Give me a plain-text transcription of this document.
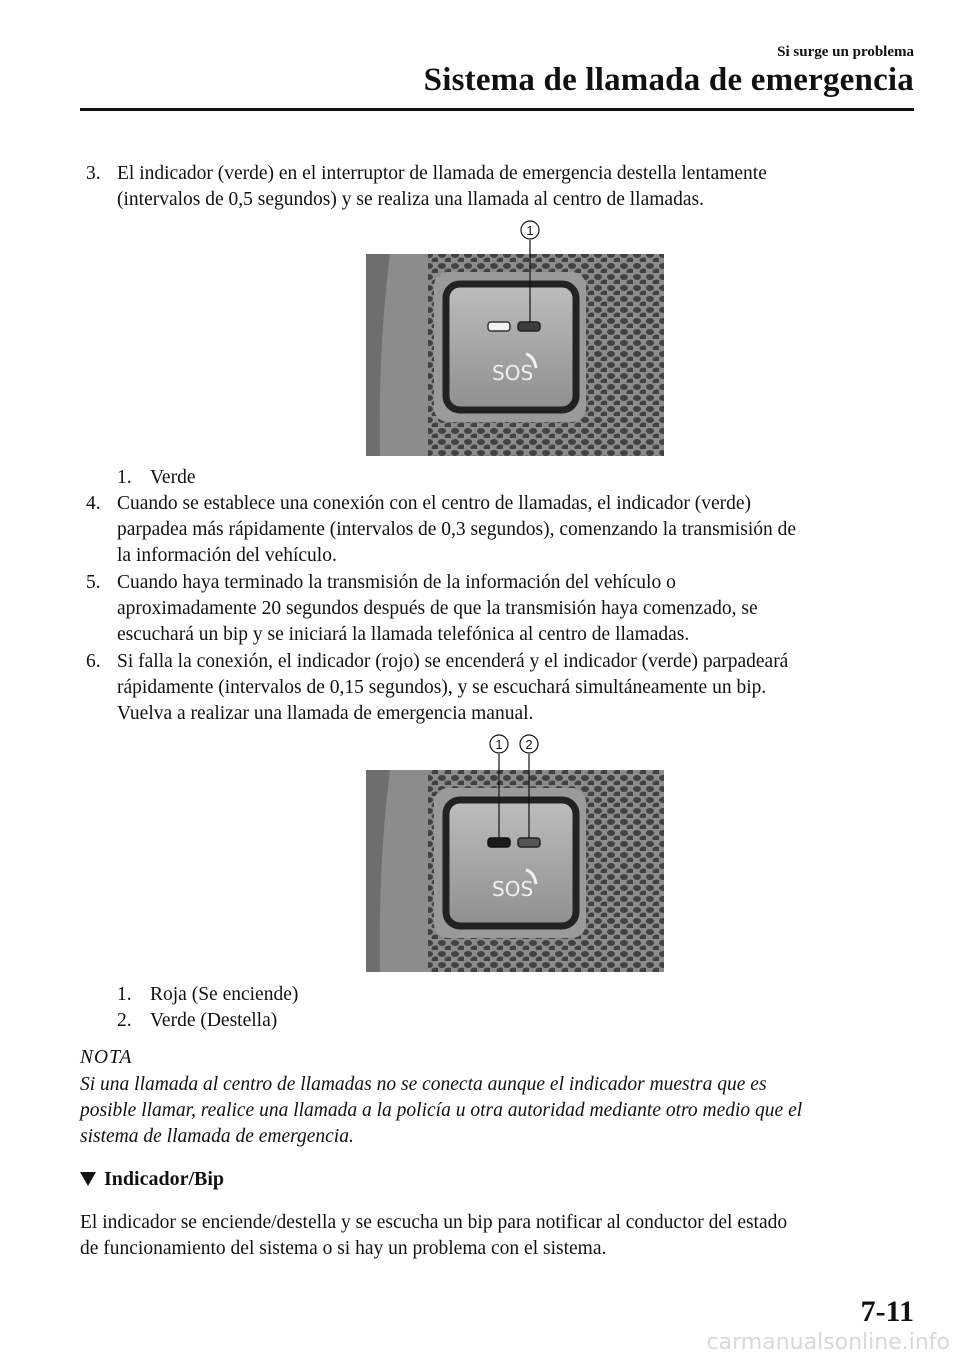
Si surge un problema
Sistema de llamada de emergencia
3. El indicador (verde) en el interruptor de llamada de emergencia destella lentamente
(intervalos de 0,5 segundos) y se realiza una llamada al centro de llamadas.
SOS
1
1. Verde
4. Cuando se establece una conexión con el centro de llamadas, el indicador (verde)
parpadea más rápidamente (intervalos de 0,3 segundos), comenzando la transmisión de
la información del vehículo.
5. Cuando haya terminado la transmisión de la información del vehículo o
aproximadamente 20 segundos después de que la transmisión haya comenzado, se
escuchará un bip y se iniciará la llamada telefónica al centro de llamadas.
6. Si falla la conexión, el indicador (rojo) se encenderá y el indicador (verde) parpadeará
rápidamente (intervalos de 0,15 segundos), y se escuchará simultáneamente un bip.
Vuelva a realizar una llamada de emergencia manual.
SOS
1 2
1. Roja (Se enciende)
2. Verde (Destella)
NOTA
Si una llamada al centro de llamadas no se conecta aunque el indicador muestra que es
posible llamar, realice una llamada a la policía u otra autoridad mediante otro medio que el
sistema de llamada de emergencia.
Indicador/Bip
El indicador se enciende/destella y se escucha un bip para notificar al conductor del estado
de funcionamiento del sistema o si hay un problema con el sistema.
7-11
carmanualsonline.info
